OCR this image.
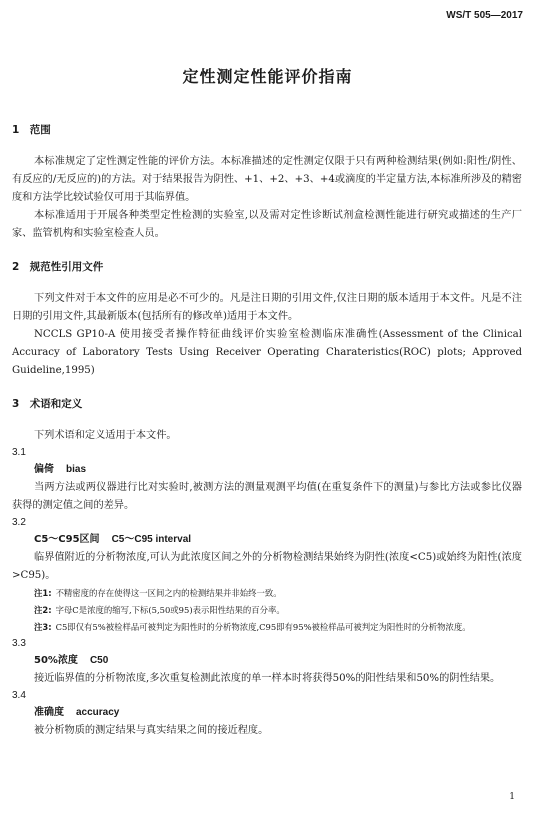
WS/T 505—2017
定性测定性能评价指南

1　范围

本标准规定了定性测定性能的评价方法。本标准描述的定性测定仅限于只有两种检测结果(例如:阳性/阴性、有反应的/无反应的)的方法。对于结果报告为阴性、+1、+2、+3、+4或滴度的半定量方法,本标准所涉及的精密度和方法学比较试验仅可用于其临界值。

本标准适用于开展各种类型定性检测的实验室,以及需对定性诊断试剂盒检测性能进行研究或描述的生产厂家、监管机构和实验室检查人员。

2　规范性引用文件

下列文件对于本文件的应用是必不可少的。凡是注日期的引用文件,仅注日期的版本适用于本文件。凡是不注日期的引用文件,其最新版本(包括所有的修改单)适用于本文件。

NCCLS GP10-A 使用接受者操作特征曲线评价实验室检测临床准确性(Assessment of the Clinical Accuracy of Laboratory Tests Using Receiver Operating Charateristics(ROC) plots; Approved Guideline,1995)

3　术语和定义

下列术语和定义适用于本文件。

3.1

偏倚 bias

当两方法或两仪器进行比对实验时,被测方法的测量观测平均值(在重复条件下的测量)与参比方法或参比仪器获得的测定值之间的差异。

3.2

C5～C95区间 C5～C95 interval

临界值附近的分析物浓度,可认为此浓度区间之外的分析物检测结果始终为阴性(浓度<C5)或始终为阳性(浓度>C95)。

注1: 不精密度的存在使得这一区间之内的检测结果并非始终一致。

注2: 字母C是浓度的缩写,下标(5,50或95)表示阳性结果的百分率。

注3: C5即仅有5%被检样品可被判定为阳性时的分析物浓度,C95即有95%被检样品可被判定为阳性时的分析物浓度。

3.3

50%浓度 C50

接近临界值的分析物浓度,多次重复检测此浓度的单一样本时将获得50%的阳性结果和50%的阴性结果。

3.4

准确度 accuracy

被分析物质的测定结果与真实结果之间的接近程度。

1
